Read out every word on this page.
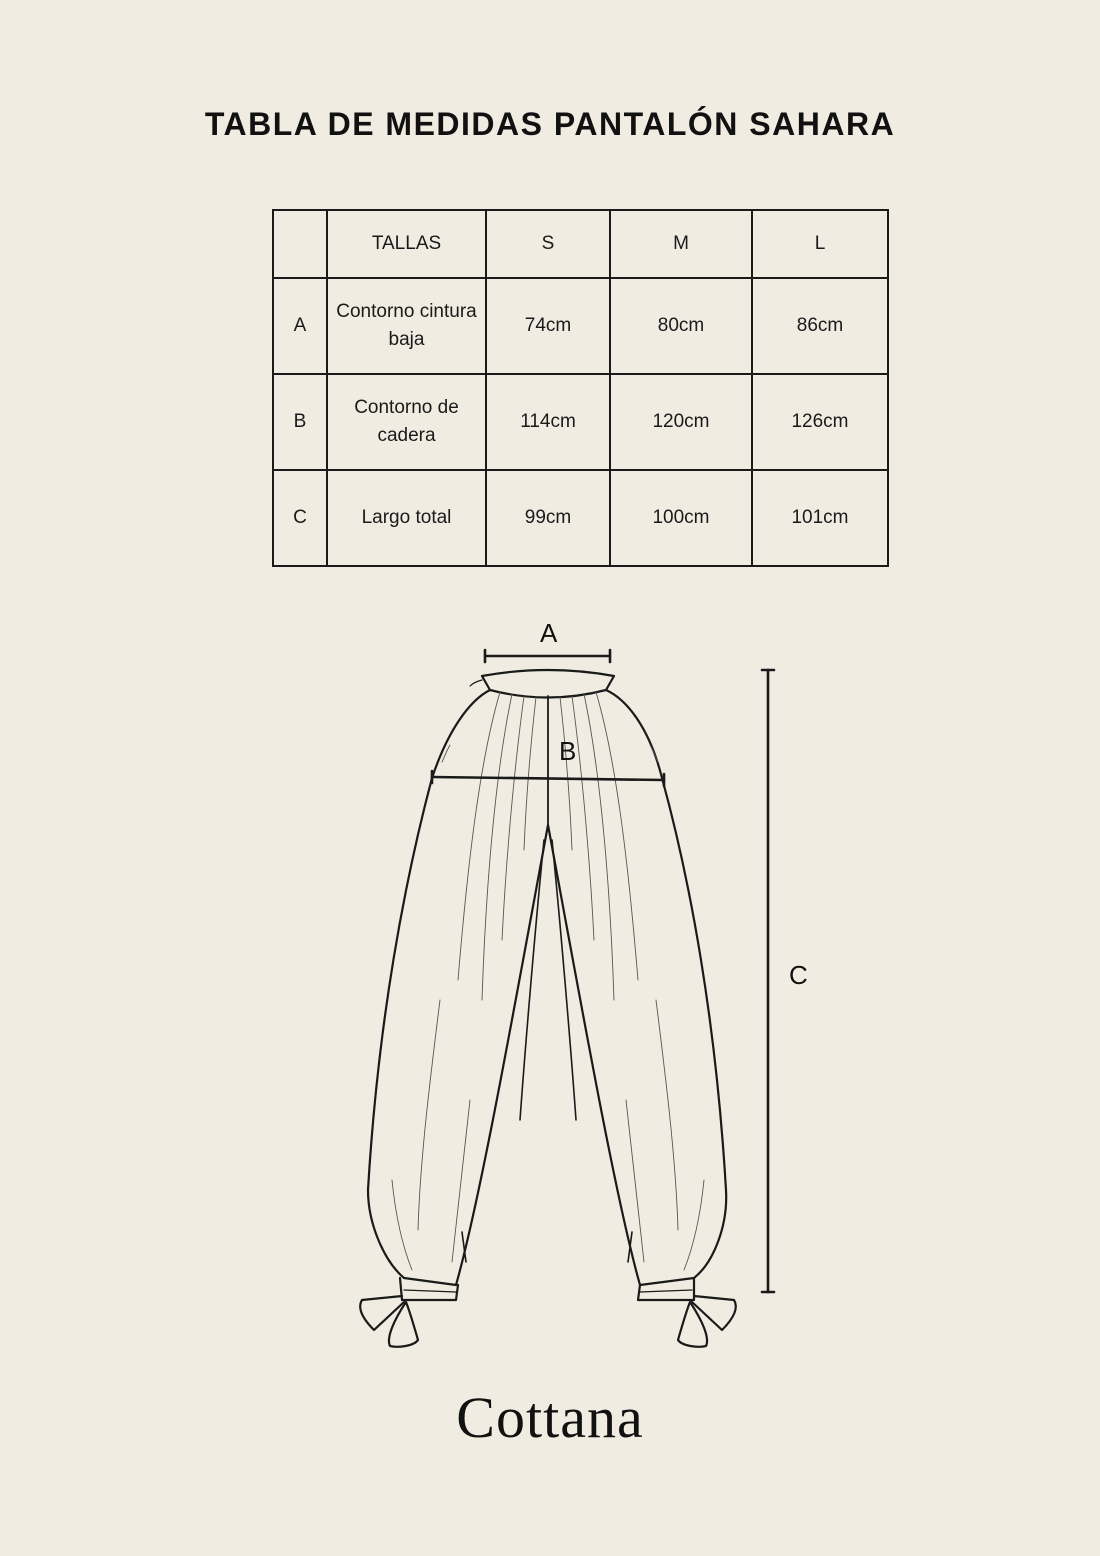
TABLA DE MEDIDAS PANTALÓN SAHARA
	TALLAS	S	M	L
A	Contorno cintura baja	74cm	80cm	86cm
B	Contorno de cadera	114cm	120cm	126cm
C	Largo total	99cm	100cm	101cm
A
B
C
Cottana
